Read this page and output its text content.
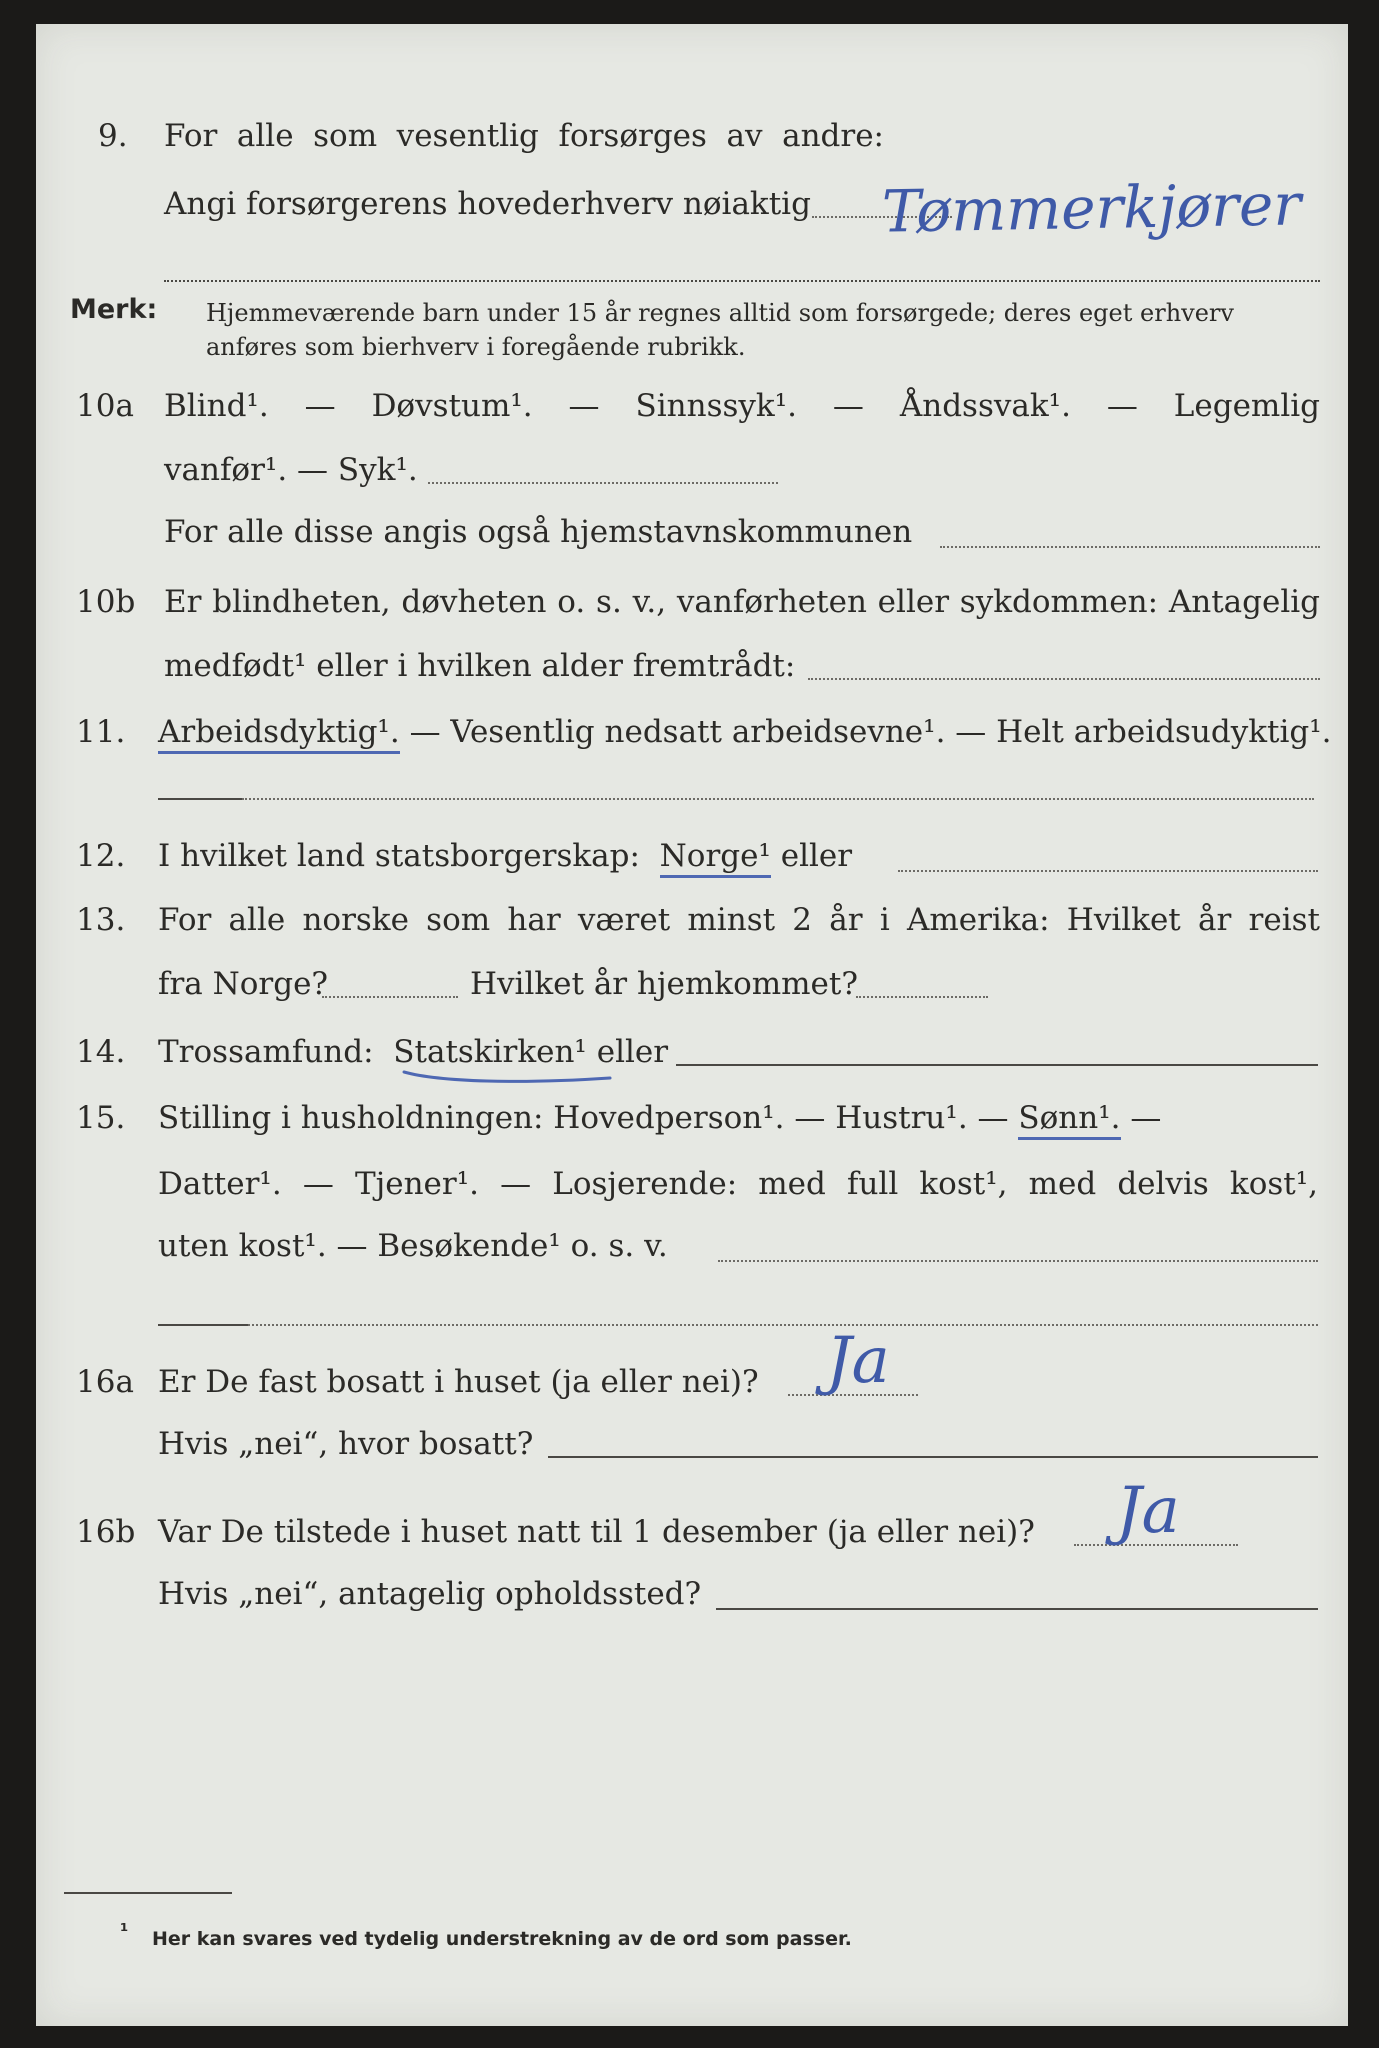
9. For alle som vesentlig forsørges av andre:
Angi forsørgerens hovederhverv nøiaktig Tømmerkjører
Merk: Hjemmeværende barn under 15 år regnes alltid som forsørgede; deres eget erhverv
anføres som bierhverv i foregående rubrikk.
10a Blind¹. — Døvstum¹. — Sinnssyk¹. — Åndssvak¹. — Legemlig
vanfør¹. — Syk¹.
For alle disse angis også hjemstavnskommunen
10b Er blindheten, døvheten o. s. v., vanførheten eller sykdommen: Antagelig
medfødt¹ eller i hvilken alder fremtrådt:
11. Arbeidsdyktig¹. — Vesentlig nedsatt arbeidsevne¹. — Helt arbeidsudyktig¹.
12. I hvilket land statsborgerskap: Norge¹ eller
13. For alle norske som har været minst 2 år i Amerika: Hvilket år reist
fra Norge?	Hvilket år hjemkommet?
14. Trossamfund: Statskirken¹ eller
15. Stilling i husholdningen: Hovedperson¹. — Hustru¹. — Sønn¹. —
Datter¹. — Tjener¹. — Losjerende: med full kost¹, med delvis kost¹,
uten kost¹. — Besøkende¹ o. s. v.
16a Er De fast bosatt i huset (ja eller nei)? Ja
Hvis „nei“, hvor bosatt?
16b Var De tilstede i huset natt til 1 desember (ja eller nei)? Ja
Hvis „nei“, antagelig opholdssted?
¹ Her kan svares ved tydelig understrekning av de ord som passer.
